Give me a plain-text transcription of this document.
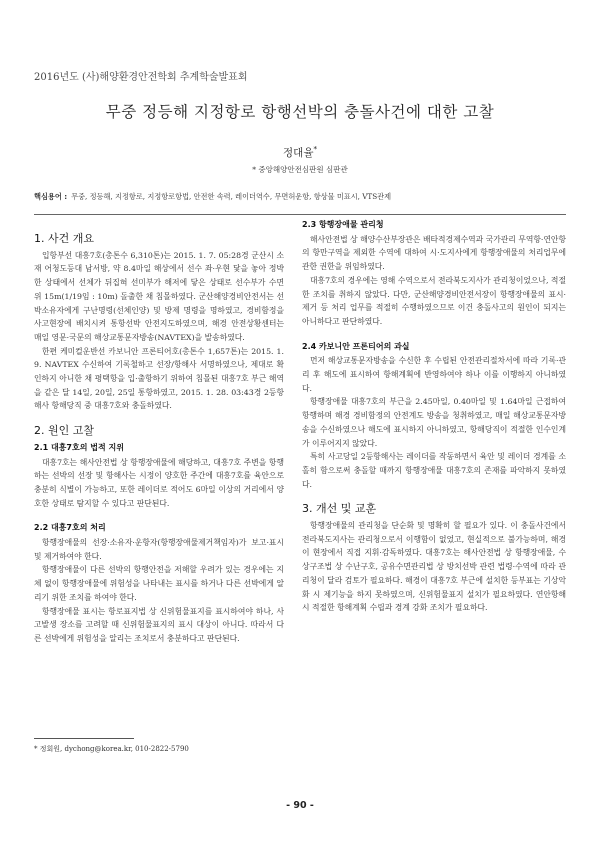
2016년도 (사)해양환경안전학회 추계학술발표회
무중 정등해 지정항로 항행선박의 충돌사건에 대한 고찰
정대율*
* 중앙해양안전심판원 심판관
핵심용어 : 무중, 정등해, 지정항로, 지정항로항법, 안전한 속력, 레이더역수, 무면허운항, 항상물 미표시, VTS관제
1. 사건 개요

입항부선 대흥7호(총톤수 6,310톤)는 2015. 1. 7. 05:28경 군산시 소재 어청도등대 남서방, 약 8.4마일 해상에서 선수 좌·우현 닻을 놓아 정박한 상태에서 선체가 뒤집혀 선미부가 해저에 닿은 상태로 선수부가 수면 위 15m(1/19임 : 10m) 돌출한 채 침몰하였다. 군산해양경비안전서는 선박소유자에게 구난명령(선체인양) 및 방제 명령을 명하였고, 경비함정을 사고현장에 배치시켜 통항선박 안전지도하였으며, 해경 안전상황센터는 매일 영문·국문의 해상교통문자방송(NAVTEX)을 발송하였다.

한편 케미컬운반선 카보니안 프론티어호(총톤수 1,657톤)는 2015. 1. 9. NAVTEX 수신하여 기록철하고 선장/항해사 서명하였으나, 제대로 확인하지 아니한 채 평택항을 입·출항하기 위하여 침몰된 대흥7호 부근 해역을 같은 달 14일, 20일, 25일 통항하였고, 2015. 1. 28. 03:43경 2등항해사 항해당직 중 대흥7호와 충돌하였다.

2. 원인 고찰
2.1 대흥7호의 법적 지위

대흥7호는 해사안전법 상 항행장애물에 해당하고, 대흥7호 주변을 항행하는 선박의 선장 및 항해사는 시정이 양호한 주간에 대흥7호를 육안으로 충분히 식별이 가능하고, 또한 레이더로 적어도 6마일 이상의 거리에서 양호한 상태로 탐지할 수 있다고 판단된다.

2.2 대흥7호의 처리

항행장애물의 선장·소유자·운항자(항행장애물제거책임자)가 보고·표시 및 제거하여야 한다.

항행장애물이 다른 선박의 항행안전을 저해할 우려가 있는 경우에는 지체 없이 항행장애물에 위험성을 나타내는 표시를 하거나 다른 선박에게 알리기 위한 조치를 하여야 한다.

항행장애물 표시는 항로표지법 상 신위험물표지를 표시하여야 하나, 사고발생 장소를 고려할 때 신위험물표지의 표시 대상이 아니다. 따라서 다른 선박에게 위험성을 알리는 조치로서 충분하다고 판단된다.

2.3 항행장애물 관리청

해사안전법 상 해양수산부장관은 배타적경제수역과 국가관리 무역항·연안항의 항만구역을 제외한 수역에 대하여 시·도지사에게 항행장애물의 처리업무에 관한 권한을 위임하였다.

대흥7호의 경우에는 영해 수역으로서 전라북도지사가 관리청이었으나, 적절한 조치를 취하지 않았다. 다만, 군산해양경비안전서장이 항행장애물의 표시·제거 등 처리 업무를 적절히 수행하였으므로 이건 충돌사고의 원인이 되지는 아니하다고 판단하였다.

2.4 카보니안 프론티어의 과실

먼저 해상교통문자방송을 수신한 후 수립된 안전관리절차서에 따라 기록·관리 후 해도에 표시하여 항해계획에 반영하여야 하나 이를 이행하지 아니하였다.

항행장애물 대흥7호의 부근을 2.45마일, 0.40마일 및 1.64마일 근접하여 항행하며 해경 경비함정의 안전계도 방송을 청취하였고, 매일 해상교통문자방송을 수신하였으나 해도에 표시하지 아니하였고, 항해당직이 적절한 인수인계가 이루어지지 않았다.

특히 사고당일 2등항해사는 레이더를 작동하면서 육안 및 레이더 경계를 소홀히 함으로써 충돌할 때까지 항행장애물 대흥7호의 존재를 파악하지 못하였다.

3. 개선 및 교훈

항행장애물의 관리청을 단순화 및 명확히 할 필요가 있다. 이 충돌사건에서 전라북도지사는 관리청으로서 이행함이 없었고, 현실적으로 불가능하며, 해경이 현장에서 직접 지휘·감독하였다. 대흥7호는 해사안전법 상 항행장애물, 수상구조법 상 수난구호, 공유수면관리법 상 방치선박 관련 법령·수역에 따라 관리청이 달라 검토가 필요하다. 해경이 대흥7호 부근에 설치한 등부표는 기상악화 시 제기능을 하지 못하였으며, 신위험물표지 설치가 필요하였다. 연안항해 시 적절한 항해계획 수립과 경계 강화 조치가 필요하다.

* 정회원, dychong@korea.kr, 010-2822-5790
- 90 -
